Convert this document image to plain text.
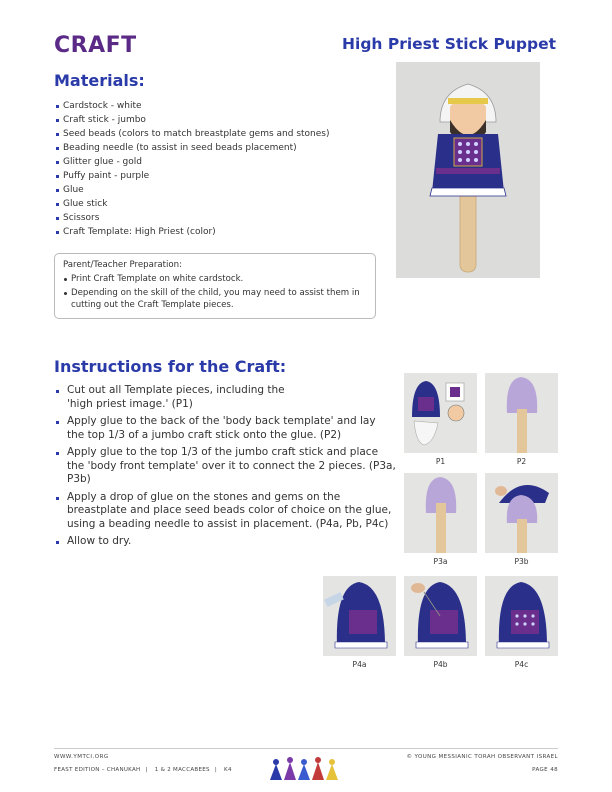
CRAFT	High Priest Stick Puppet
Materials:
Cardstock - white
Craft stick - jumbo
Seed beads (colors to match breastplate gems and stones)
Beading needle (to assist in seed beads placement)
Glitter glue - gold
Puffy paint - purple
Glue
Glue stick
Scissors
Craft Template: High Priest (color)
Parent/Teacher Preparation:
Print Craft Template on white cardstock.
Depending on the skill of the child, you may need to assist them in cutting out the Craft Template pieces.
Instructions for the Craft:
Cut out all Template pieces, including the 'high priest image.' (P1)
Apply glue to the back of the 'body back template' and lay the top 1/3 of a jumbo craft stick onto the glue. (P2)
Apply glue to the top 1/3 of the jumbo craft stick and place the 'body front template' over it to connect the 2 pieces. (P3a, P3b)
Apply a drop of glue on the stones and gems on the breastplate and place seed beads color of choice on the glue, using a beading needle to assist in placement. (P4a, Pb, P4c)
Allow to dry.
P1	P2
P3a	P3b
P4a	P4b	P4c
WWW.YMTCI.ORG
FEAST EDITION – CHANUKAH | 1 & 2 MACCABEES | K4
© YOUNG MESSIANIC TORAH OBSERVANT ISRAEL
PAGE 48
